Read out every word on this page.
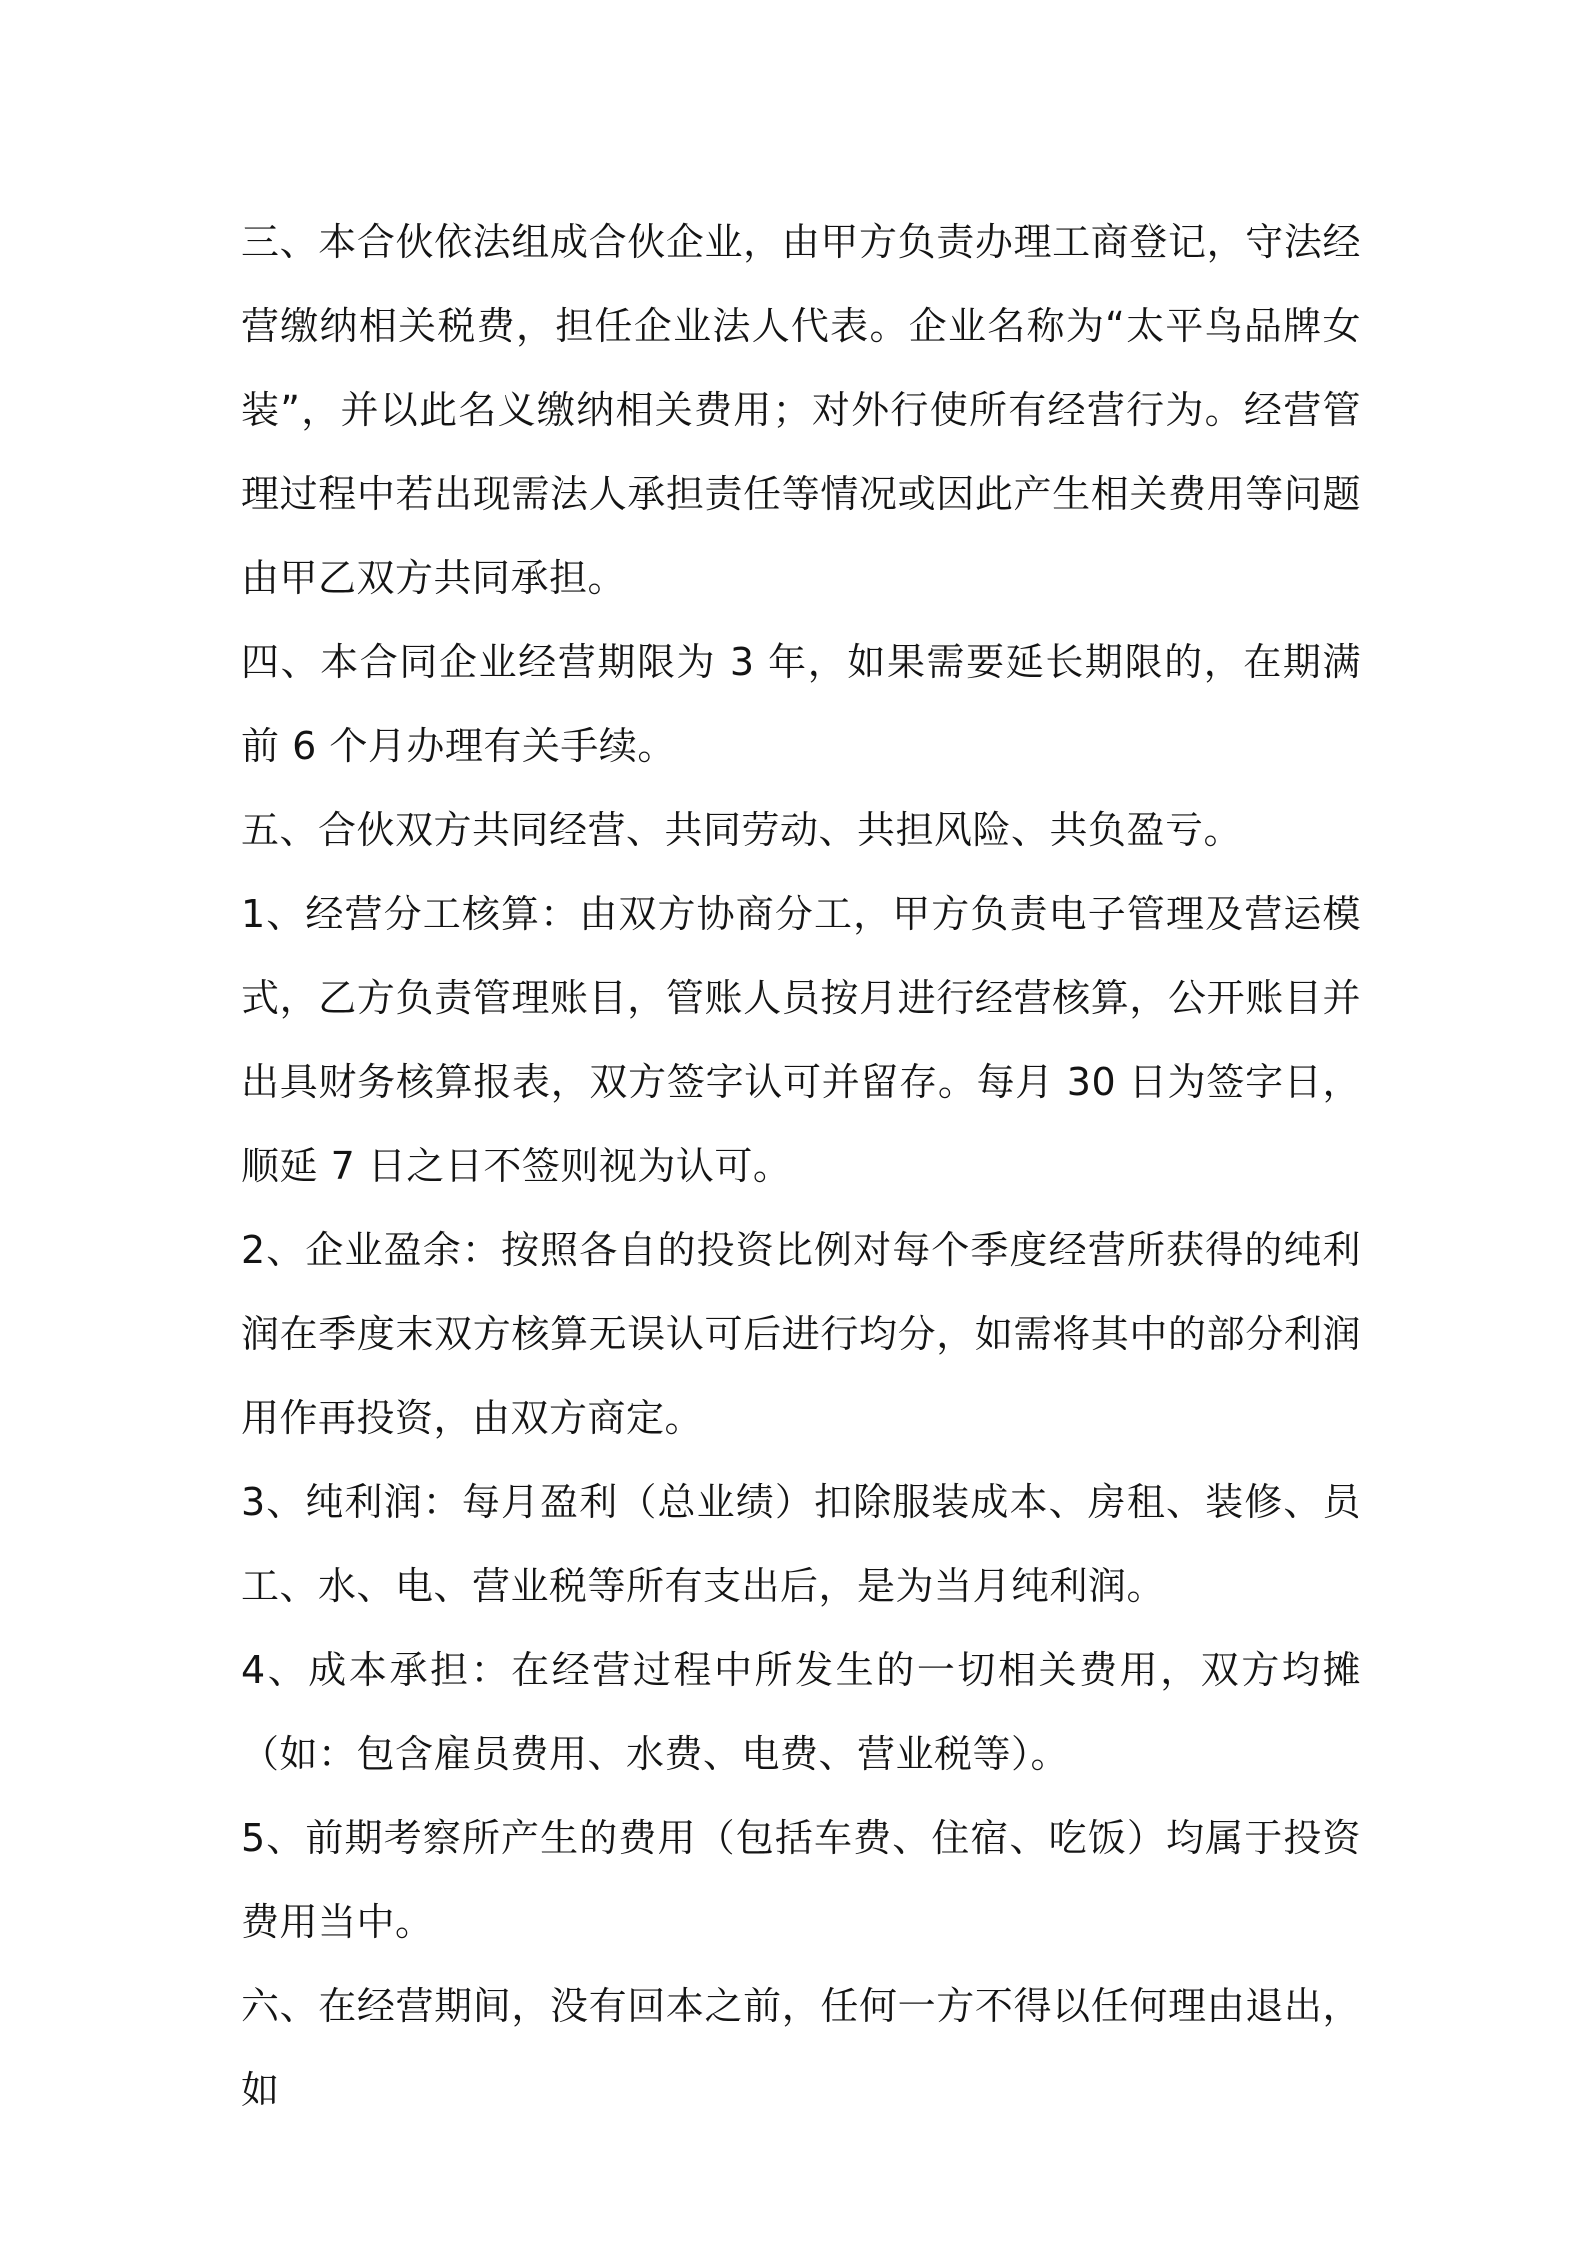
三、本合伙依法组成合伙企业，由甲方负责办理工商登记，守法经营缴纳相关税费，担任企业法人代表。企业名称为“太平鸟品牌女装”，并以此名义缴纳相关费用；对外行使所有经营行为。经营管理过程中若出现需法人承担责任等情况或因此产生相关费用等问题由甲乙双方共同承担。

四、本合同企业经营期限为 3 年，如果需要延长期限的，在期满前 6 个月办理有关手续。

五、合伙双方共同经营、共同劳动、共担风险、共负盈亏。

1、经营分工核算：由双方协商分工，甲方负责电子管理及营运模式，乙方负责管理账目，管账人员按月进行经营核算，公开账目并出具财务核算报表，双方签字认可并留存。每月 30 日为签字日，顺延 7 日之日不签则视为认可。

2、企业盈余：按照各自的投资比例对每个季度经营所获得的纯利润在季度末双方核算无误认可后进行均分，如需将其中的部分利润用作再投资，由双方商定。

3、纯利润：每月盈利（总业绩）扣除服装成本、房租、装修、员工、水、电、营业税等所有支出后，是为当月纯利润。

4、成本承担：在经营过程中所发生的一切相关费用，双方均摊（如：包含雇员费用、水费、电费、营业税等）。

5、前期考察所产生的费用（包括车费、住宿、吃饭）均属于投资费用当中。

六、在经营期间，没有回本之前，任何一方不得以任何理由退出，如
